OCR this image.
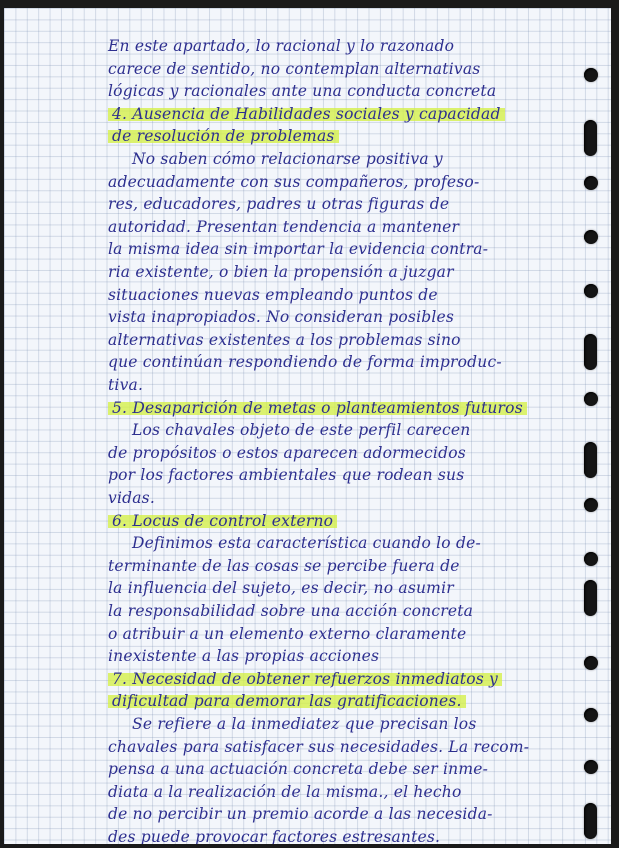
En este apartado, lo racional y lo razonado
carece de sentido, no contemplan alternativas
lógicas y racionales ante una conducta concreta
4. Ausencia de Habilidades sociales y capacidad
de resolución de problemas
No saben cómo relacionarse positiva y
adecuadamente con sus compañeros, profeso-
res, educadores, padres u otras figuras de
autoridad. Presentan tendencia a mantener
la misma idea sin importar la evidencia contra-
ria existente, o bien la propensión a juzgar
situaciones nuevas empleando puntos de
vista inapropiados. No consideran posibles
alternativas existentes a los problemas sino
que continúan respondiendo de forma improduc-
tiva.
5. Desaparición de metas o planteamientos futuros
Los chavales objeto de este perfil carecen
de propósitos o estos aparecen adormecidos
por los factores ambientales que rodean sus
vidas.
6. Locus de control externo
Definimos esta característica cuando lo de-
terminante de las cosas se percibe fuera de
la influencia del sujeto, es decir, no asumir
la responsabilidad sobre una acción concreta
o atribuir a un elemento externo claramente
inexistente a las propias acciones
7. Necesidad de obtener refuerzos inmediatos y
dificultad para demorar las gratificaciones.
Se refiere a la inmediatez que precisan los
chavales para satisfacer sus necesidades. La recom-
pensa a una actuación concreta debe ser inme-
diata a la realización de la misma., el hecho
de no percibir un premio acorde a las necesida-
des puede provocar factores estresantes.
